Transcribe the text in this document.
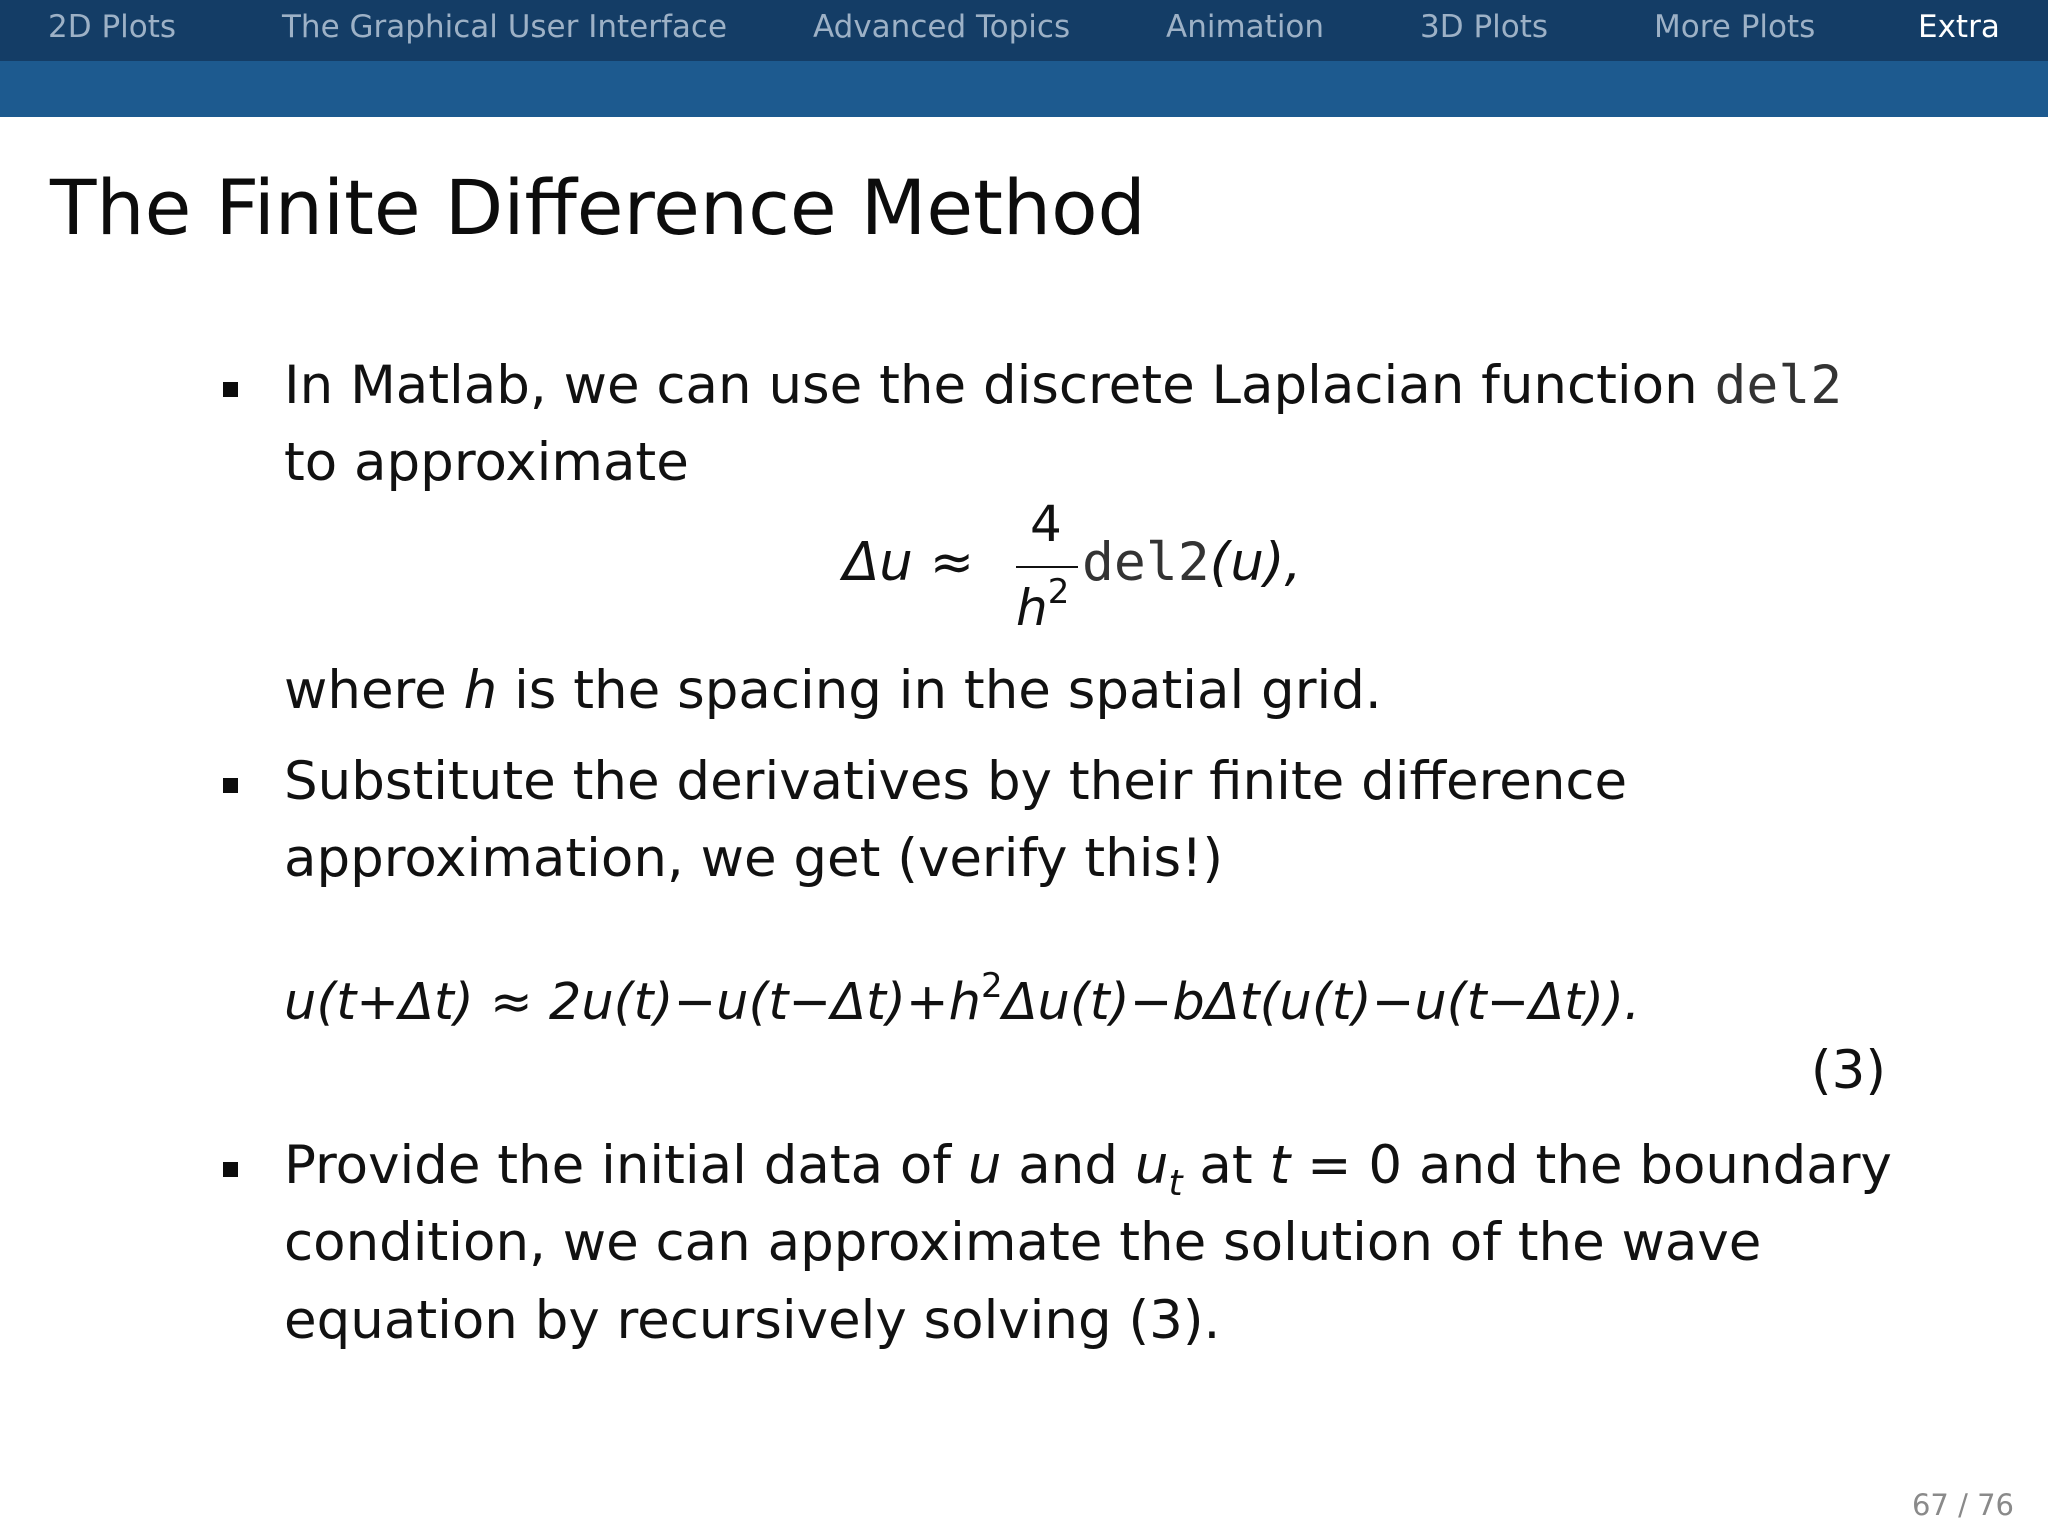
2D Plots	The Graphical User Interface	Advanced Topics	Animation	3D Plots	More Plots	Extra
The Finite Difference Method
In Matlab, we can use the discrete Laplacian function del2
to approximate
Δu ≈
4
$h^2$ del2(u),
where h is the spacing in the spatial grid.
Substitute the derivatives by their finite difference
approximation, we get (verify this!)
$u(t+\Delta t) \approx 2u(t)-u(t-\Delta t)+h^2\Delta u(t)-b\Delta t(u(t)-u(t-\Delta t))$.
(3)
Provide the initial data of u and $u_t$ at t = 0 and the boundary
condition, we can approximate the solution of the wave
equation by recursively solving (3).
67 / 76
